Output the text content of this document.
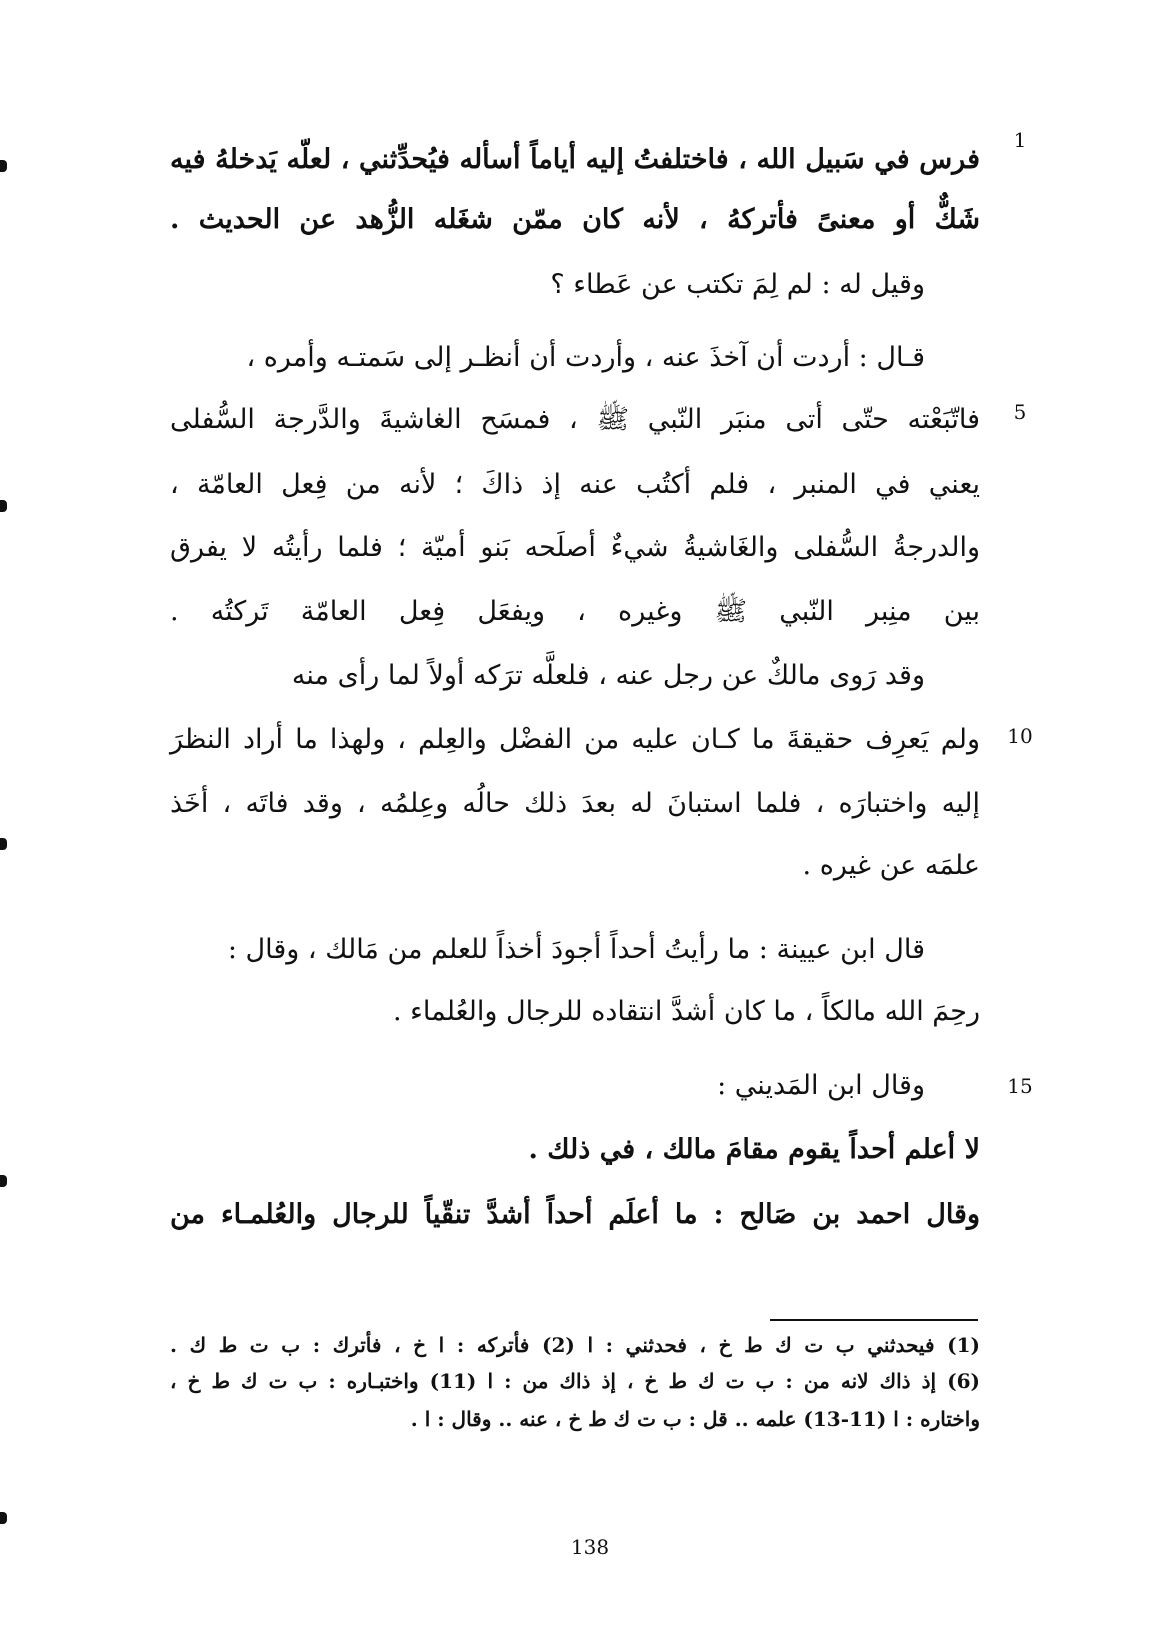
فرس في سَبيل الله ، فاختلفتُ إليه أياماً أسأله فيُحدِّثني ، لعلّه يَدخلهُ فيه
شَكٌّ أو معنىً فأتركهُ ، لأنه كان ممّن شغَله الزُّهد عن الحديث .
وقيل له : لم لِمَ تكتب عن عَطاء ؟
قـال : أردت أن آخذَ عنه ، وأردت أن أنظـر إلى سَمتـه وأمره ،
فاتّبَعْته حتّى أتى منبَر النّبي ﷺ ، فمسَح الغاشيةَ والدَّرجة السُّفلى
يعني في المنبر ، فلم أكتُب عنه إذ ذاكَ ؛ لأنه من فِعل العامّة ،
والدرجةُ السُّفلى والغَاشيةُ شيءٌ أصلَحه بَنو أميّة ؛ فلما رأيتُه لا يفرق
بين منِبر النّبي ﷺ وغيره ، ويفعَل فِعل العامّة تَركتُه .
وقد رَوى مالكٌ عن رجل عنه ، فلعلَّه ترَكه أولاً لما رأى منه
ولم يَعرِف حقيقةَ ما كـان عليه من الفضْل والعِلم ، ولهذا ما أراد النظرَ
إليه واختبارَه ، فلما استبانَ له بعدَ ذلك حالُه وعِلمُه ، وقد فاتَه ، أخَذ
علمَه عن غيره .
قال ابن عيينة : ما رأيتُ أحداً أجودَ أخذاً للعلم من مَالك ، وقال :
رحِمَ الله مالكاً ، ما كان أشدَّ انتقاده للرجال والعُلماء .
وقال ابن المَديني :
لا أعلم أحداً يقوم مقامَ مالك ، في ذلك .
وقال احمد بن صَالح : ما أعلَم أحداً أشدَّ تنقّياً للرجال والعُلمـاء من
1
5
10
15
(1) فيحدثني ب ت ك ط خ ، فحدثني : ا (2) فأتركه : ا خ ، فأترك : ب ت ط ك .
(6) إذ ذاك لانه من : ب ت ك ط خ ، إذ ذاك من : ا (11) واختبـاره : ب ت ك ط خ ،
واختاره : ا (11-13) علمه .. قل : ب ت ك ط خ ، عنه .. وقال : ا .
138
